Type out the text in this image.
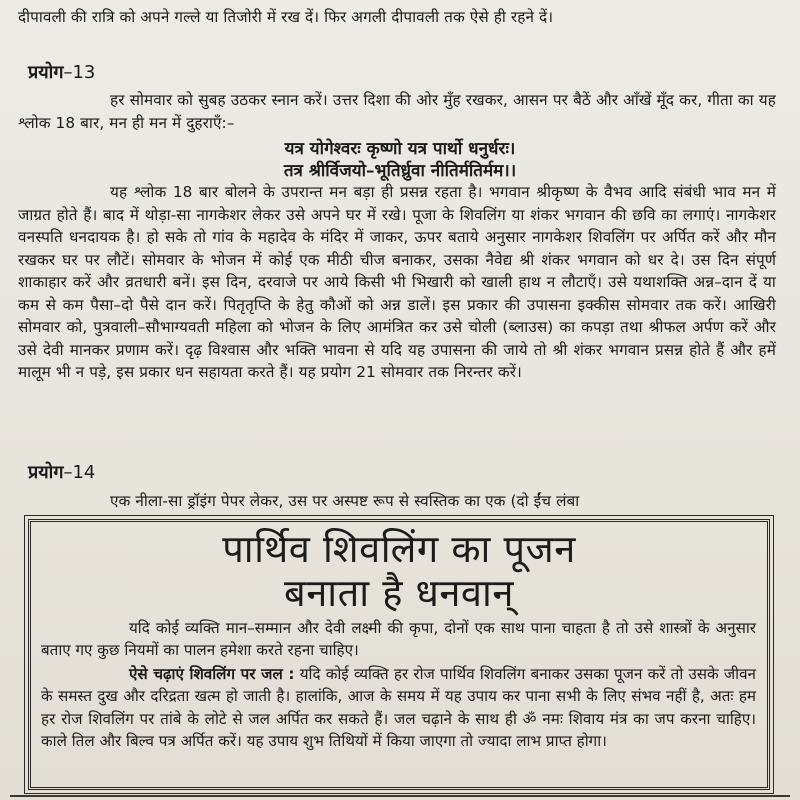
दीपावली की रात्रि को अपने गल्ले या तिजोरी में रख दें। फिर अगली दीपावली तक ऐसे ही रहने दें।
प्रयोग–13
हर सोमवार को सुबह उठकर स्नान करें। उत्तर दिशा की ओर मुँह रखकर, आसन पर बैठें और आँखें मूँद कर, गीता का यह श्लोक 18 बार, मन ही मन में दुहराएँ:–
यत्र योगेश्वरः कृष्णो यत्र पार्थो धनुर्धरः।
तत्र श्रीर्विजयो–भूतिर्ध्रुवा नीतिर्मतिर्मम।।
यह श्लोक 18 बार बोलने के उपरान्त मन बड़ा ही प्रसन्न रहता है। भगवान श्रीकृष्ण के वैभव आदि संबंधी भाव मन में जाग्रत होते हैं। बाद में थोड़ा-सा नागकेशर लेकर उसे अपने घर में रखे। पूजा के शिवलिंग या शंकर भगवान की छवि का लगाएं। नागकेशर वनस्पति धनदायक है। हो सके तो गांव के महादेव के मंदिर में जाकर, ऊपर बताये अनुसार नागकेशर शिवलिंग पर अर्पित करें और मौन रखकर घर पर लौटें। सोमवार के भोजन में कोई एक मीठी चीज बनाकर, उसका नैवेद्य श्री शंकर भगवान को धर दे। उस दिन संपूर्ण शाकाहार करें और व्रतधारी बनें। इस दिन, दरवाजे पर आये किसी भी भिखारी को खाली हाथ न लौटाएँ। उसे यथाशक्ति अन्न–दान दें या कम से कम पैसा–दो पैसे दान करें। पितृतृप्ति के हेतु कौओं को अन्न डालें। इस प्रकार की उपासना इक्कीस सोमवार तक करें। आखिरी सोमवार को, पुत्रवाली–सौभाग्यवती महिला को भोजन के लिए आमंत्रित कर उसे चोली (ब्लाउस) का कपड़ा तथा श्रीफल अर्पण करें और उसे देवी मानकर प्रणाम करें। दृढ़ विश्वास और भक्ति भावना से यदि यह उपासना की जाये तो श्री शंकर भगवान प्रसन्न होते हैं और हमें मालूम भी न पड़े, इस प्रकार धन सहायता करते हैं। यह प्रयोग 21 सोमवार तक निरन्तर करें।
प्रयोग–14
एक नीला-सा ड्रॉइंग पेपर लेकर, उस पर अस्पष्ट रूप से स्वस्तिक का एक (दो ईंच लंबा
पार्थिव शिवलिंग का पूजन
बनाता है धनवान्
यदि कोई व्यक्ति मान–सम्मान और देवी लक्ष्मी की कृपा, दोनों एक साथ पाना चाहता है तो उसे शास्त्रों के अनुसार बताए गए कुछ नियमों का पालन हमेशा करते रहना चाहिए।
ऐसे चढ़ाएं शिवलिंग पर जल : यदि कोई व्यक्ति हर रोज पार्थिव शिवलिंग बनाकर उसका पूजन करें तो उसके जीवन के समस्त दुख और दरिद्रता खत्म हो जाती है। हालांकि, आज के समय में यह उपाय कर पाना सभी के लिए संभव नहीं है, अतः हम हर रोज शिवलिंग पर तांबे के लोटे से जल अर्पित कर सकते हैं। जल चढ़ाने के साथ ही ॐ नमः शिवाय मंत्र का जप करना चाहिए। काले तिल और बिल्व पत्र अर्पित करें। यह उपाय शुभ तिथियों में किया जाएगा तो ज्यादा लाभ प्राप्त होगा।
